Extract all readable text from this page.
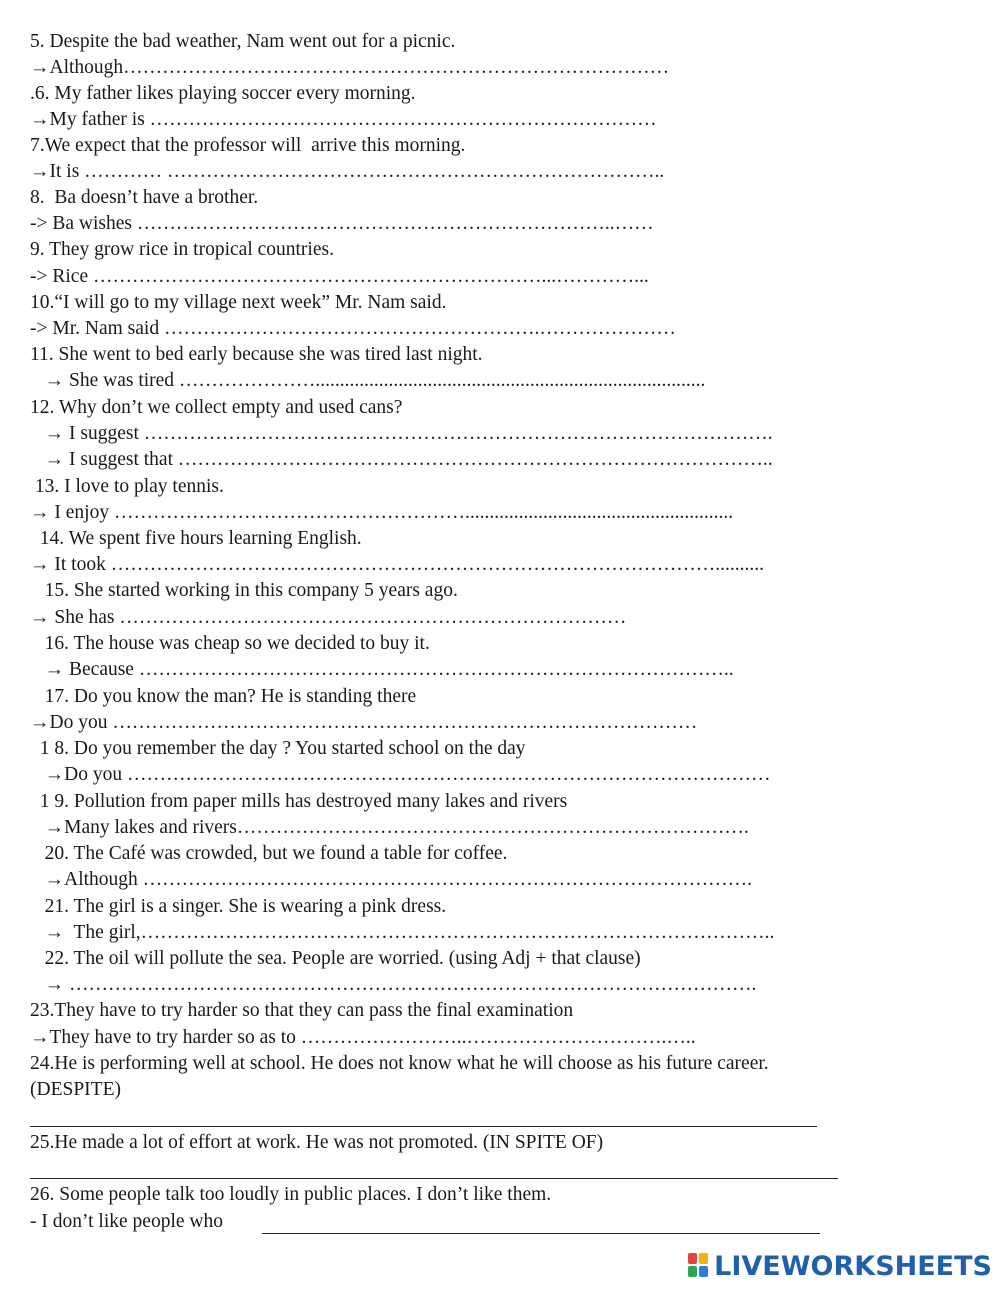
5. Despite the bad weather, Nam went out for a picnic.
→Although…………………………………………………………………………
.6. My father likes playing soccer every morning.
→My father is ……………………………………………………………………
7.We expect that the professor will  arrive this morning.
→It is ………… …………………………………………………………………..
8.  Ba doesn’t have a brother.
-> Ba wishes ………………………………………………………………..……
9. They grow rice in tropical countries.
-> Rice ……………………………………………………………...…………...
10.“I will go to my village next week” Mr. Nam said.
-> Mr. Nam said ………………………………………………….…………………
11. She went to bed early because she was tired last night.
→ She was tired …………………................................................................................
12. Why don’t we collect empty and used cans?
→ I suggest …………………………………………………………………………………….
→ I suggest that ………………………………………………………………………………..
13. I love to play tennis.
→ I enjoy ……………………………………………….......................................................
14. We spent five hours learning English.
→ It took …………………………………………………………………………………..........
15. She started working in this company 5 years ago.
→ She has ……………………………………………………………………
16. The house was cheap so we decided to buy it.
→ Because ………………………………………………………………………………..
17. Do you know the man? He is standing there
→Do you ………………………………………………………………………………
1 8. Do you remember the day ? You started school on the day
→Do you ………………………………………………………………………………………
1 9. Pollution from paper mills has destroyed many lakes and rivers
→Many lakes and rivers…………………………………………………………………….
20. The Café was crowded, but we found a table for coffee.
→Although ………………………………………………………………………………….
21. The girl is a singer. She is wearing a pink dress.
→  The girl,……………………………………………………………………………………..
22. The oil will pollute the sea. People are worried. (using Adj + that clause)
→ …………………………………………………………………………………………….
23.They have to try harder so that they can pass the final examination
→They have to try harder so as to ……………………..………………………….…..
24.He is performing well at school. He does not know what he will choose as his future career.
(DESPITE)
25.He made a lot of effort at work. He was not promoted. (IN SPITE OF)
26. Some people talk too loudly in public places. I don’t like them.
- I don’t like people who
LIVEWORKSHEETS
